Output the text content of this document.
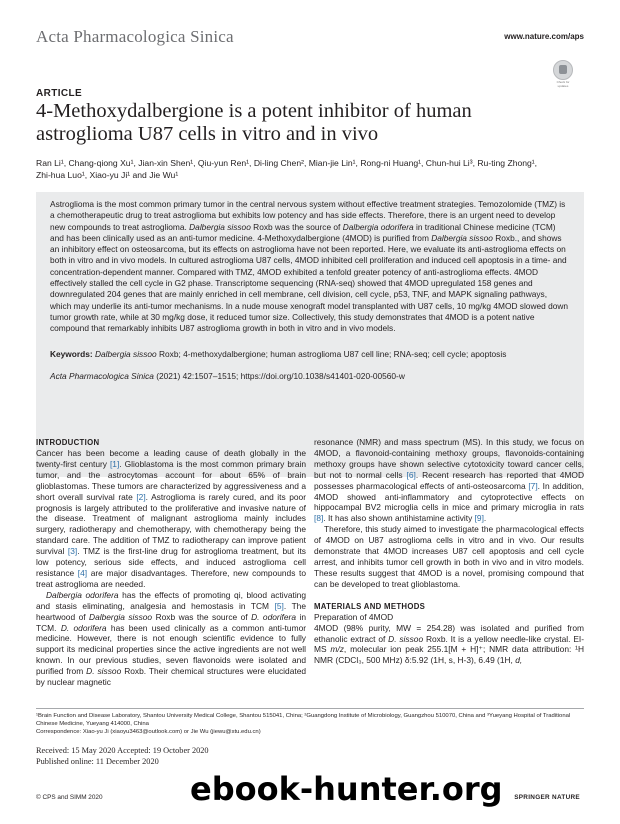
Acta Pharmacologica Sinica	www.nature.com/aps
Check for updates
ARTICLE
4-Methoxydalbergione is a potent inhibitor of human astroglioma U87 cells in vitro and in vivo
Ran Li¹, Chang-qiong Xu¹, Jian-xin Shen¹, Qiu-yun Ren¹, Di-ling Chen², Mian-jie Lin¹, Rong-ni Huang¹, Chun-hui Li³, Ru-ting Zhong¹,
Zhi-hua Luo¹, Xiao-yu Ji¹ and Jie Wu¹

Astroglioma is the most common primary tumor in the central nervous system without effective treatment strategies. Temozolomide (TMZ) is a chemotherapeutic drug to treat astroglioma but exhibits low potency and has side effects. Therefore, there is an urgent need to develop new compounds to treat astroglioma. Dalbergia sissoo Roxb was the source of Dalbergia odorifera in traditional Chinese medicine (TCM) and has been clinically used as an anti-tumor medicine. 4-Methoxydalbergione (4MOD) is purified from Dalbergia sissoo Roxb., and shows an inhibitory effect on osteosarcoma, but its effects on astroglioma have not been reported. Here, we evaluate its anti-astroglioma effects on both in vitro and in vivo models. In cultured astroglioma U87 cells, 4MOD inhibited cell proliferation and induced cell apoptosis in a time- and concentration-dependent manner. Compared with TMZ, 4MOD exhibited a tenfold greater potency of anti-astroglioma effects. 4MOD effectively stalled the cell cycle in G2 phase. Transcriptome sequencing (RNA-seq) showed that 4MOD upregulated 158 genes and downregulated 204 genes that are mainly enriched in cell membrane, cell division, cell cycle, p53, TNF, and MAPK signaling pathways, which may underlie its anti-tumor mechanisms. In a nude mouse xenograft model transplanted with U87 cells, 10 mg/kg 4MOD slowed down tumor growth rate, while at 30 mg/kg dose, it reduced tumor size. Collectively, this study demonstrates that 4MOD is a potent native compound that remarkably inhibits U87 astroglioma growth in both in vitro and in vivo models.

Keywords: Dalbergia sissoo Roxb; 4-methoxydalbergione; human astroglioma U87 cell line; RNA-seq; cell cycle; apoptosis

Acta Pharmacologica Sinica (2021) 42:1507–1515; https://doi.org/10.1038/s41401-020-00560-w

INTRODUCTION

Cancer has been become a leading cause of death globally in the twenty-first century [1]. Glioblastoma is the most common primary brain tumor, and the astrocytomas account for about 65% of brain glioblastomas. These tumors are characterized by aggressiveness and a short overall survival rate [2]. Astroglioma is rarely cured, and its poor prognosis is largely attributed to the proliferative and invasive nature of the disease. Treatment of malignant astroglioma mainly includes surgery, radiotherapy and chemotherapy, with chemotherapy being the standard care. The addition of TMZ to radiotherapy can improve patient survival [3]. TMZ is the first-line drug for astroglioma treatment, but its low potency, serious side effects, and induced astroglioma cell resistance [4] are major disadvantages. Therefore, new compounds to treat astroglioma are needed.

Dalbergia odorifera has the effects of promoting qi, blood activating and stasis eliminating, analgesia and hemostasis in TCM [5]. The heartwood of Dalbergia sissoo Roxb was the source of D. odorifera in TCM. D. odorifera has been used clinically as a common anti-tumor medicine. However, there is not enough scientific evidence to fully support its medicinal properties since the active ingredients are not well known. In our previous studies, seven flavonoids were isolated and purified from D. sissoo Roxb. Their chemical structures were elucidated by nuclear magnetic

resonance (NMR) and mass spectrum (MS). In this study, we focus on 4MOD, a flavonoid-containing methoxy groups, flavonoids-containing methoxy groups have shown selective cytotoxicity toward cancer cells, but not to normal cells [6]. Recent research has reported that 4MOD possesses pharmacological effects of anti-osteosarcoma [7]. In addition, 4MOD showed anti-inflammatory and cytoprotective effects on hippocampal BV2 microglia cells in mice and primary microglia in rats [8]. It has also shown antihistamine activity [9].

Therefore, this study aimed to investigate the pharmacological effects of 4MOD on U87 astroglioma cells in vitro and in vivo. Our results demonstrate that 4MOD increases U87 cell apoptosis and cell cycle arrest, and inhibits tumor cell growth in both in vivo and in vitro models. These results suggest that 4MOD is a novel, promising compound that can be developed to treat glioblastoma.

MATERIALS AND METHODS

Preparation of 4MOD

4MOD (98% purity, MW = 254.28) was isolated and purified from ethanolic extract of D. sissoo Roxb. It is a yellow needle-like crystal. EI-MS m/z, molecular ion peak 255.1[M + H]⁺; NMR data attribution: ¹H NMR (CDCl₃, 500 MHz) δ:5.92 (1H, s, H-3), 6.49 (1H, d,

¹Brain Function and Disease Laboratory, Shantou University Medical College, Shantou 515041, China; ²Guangdong Institute of Microbiology, Guangzhou 510070, China and ³Yueyang Hospital of Traditional Chinese Medicine, Yueyang 414000, China
Correspondence: Xiao-yu Ji (xiaoyu3463@outlook.com) or Jie Wu (jiewu@stu.edu.cn)
Received: 15 May 2020 Accepted: 19 October 2020
Published online: 11 December 2020
© CPS and SIMM 2020	SPRINGER NATURE
ebook-hunter.org
